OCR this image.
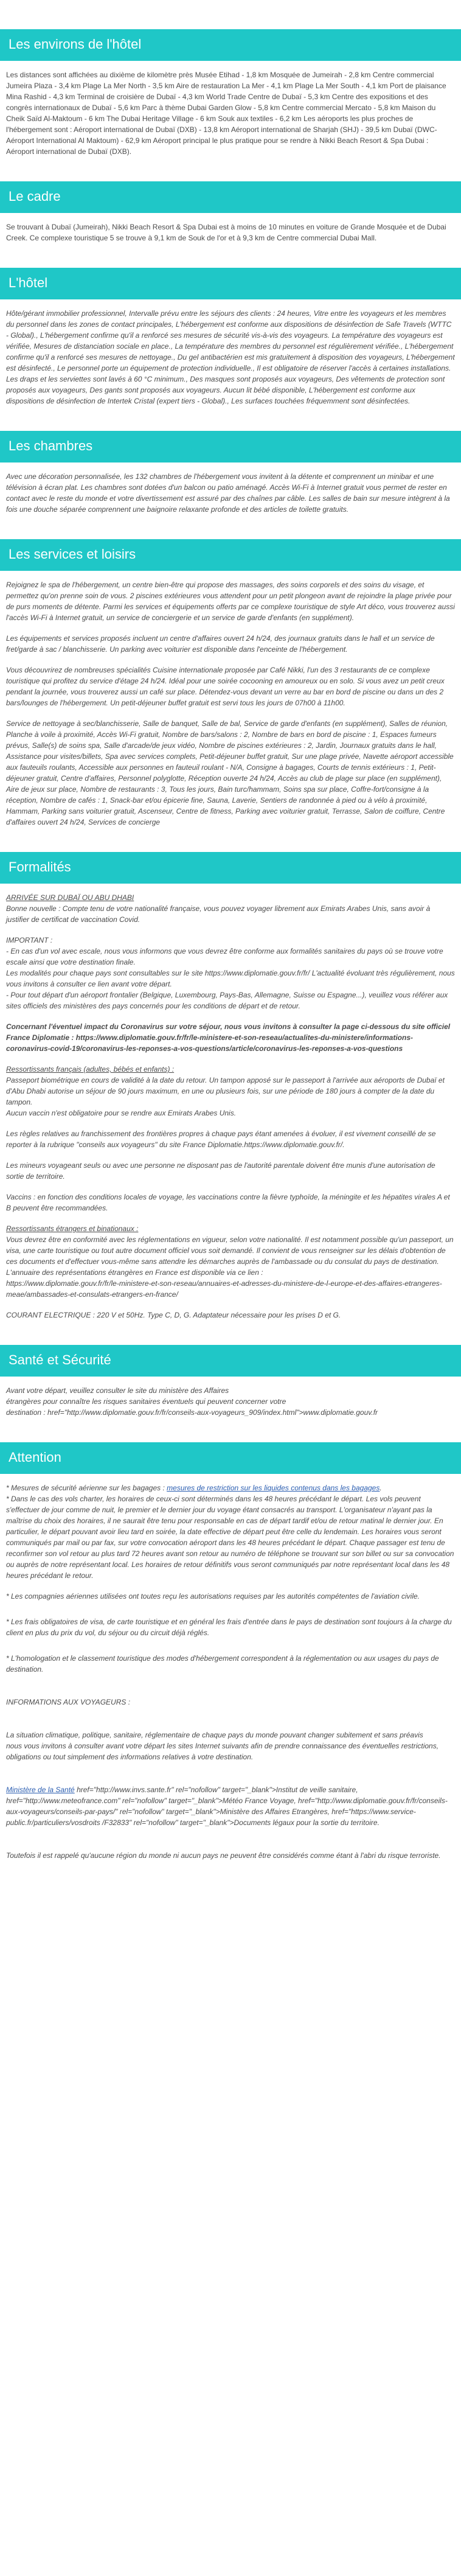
Les environs de l'hôtel

Les distances sont affichées au dixième de kilomètre près Musée Etihad - 1,8 km Mosquée de Jumeirah - 2,8 km Centre commercial Jumeira Plaza - 3,4 km Plage La Mer North - 3,5 km Aire de restauration La Mer - 4,1 km Plage La Mer South - 4,1 km Port de plaisance Mina Rashid - 4,3 km Terminal de croisière de Dubaï - 4,3 km World Trade Centre de Dubaï - 5,3 km Centre des expositions et des congrès internationaux de Dubaï - 5,6 km Parc à thème Dubai Garden Glow - 5,8 km Centre commercial Mercato - 5,8 km Maison du Cheik Saïd Al-Maktoum - 6 km The Dubai Heritage Village - 6 km Souk aux textiles - 6,2 km Les aéroports les plus proches de l'hébergement sont : Aéroport international de Dubaï (DXB) - 13,8 km Aéroport international de Sharjah (SHJ) - 39,5 km Dubaï (DWC-Aéroport International Al Maktoum) - 62,9 km Aéroport principal le plus pratique pour se rendre à Nikki Beach Resort & Spa Dubai : Aéroport international de Dubaï (DXB).

Le cadre

Se trouvant à Dubaï (Jumeirah), Nikki Beach Resort & Spa Dubai est à moins de 10 minutes en voiture de Grande Mosquée et de Dubai Creek. Ce complexe touristique 5 se trouve à 9,1 km de Souk de l'or et à 9,3 km de Centre commercial Dubai Mall.

L'hôtel

Hôte/gérant immobilier professionnel, Intervalle prévu entre les séjours des clients : 24 heures, Vitre entre les voyageurs et les membres du personnel dans les zones de contact principales, L'hébergement est conforme aux dispositions de désinfection de Safe Travels (WTTC - Global)., L'hébergement confirme qu'il a renforcé ses mesures de sécurité vis-à-vis des voyageurs. La température des voyageurs est vérifiée, Mesures de distanciation sociale en place., La température des membres du personnel est régulièrement vérifiée., L'hébergement confirme qu'il a renforcé ses mesures de nettoyage., Du gel antibactérien est mis gratuitement à disposition des voyageurs, L'hébergement est désinfecté., Le personnel porte un équipement de protection individuelle., Il est obligatoire de réserver l'accès à certaines installations. Les draps et les serviettes sont lavés à 60 °C minimum., Des masques sont proposés aux voyageurs, Des vêtements de protection sont proposés aux voyageurs, Des gants sont proposés aux voyageurs. Aucun lit bébé disponible, L'hébergement est conforme aux dispositions de désinfection de Intertek Cristal (expert tiers - Global)., Les surfaces touchées fréquemment sont désinfectées.

Les chambres

Avec une décoration personnalisée, les 132 chambres de l'hébergement vous invitent à la détente et comprennent un minibar et une télévision à écran plat. Les chambres sont dotées d'un balcon ou patio aménagé. Accès Wi-Fi à Internet gratuit vous permet de rester en contact avec le reste du monde et votre divertissement est assuré par des chaînes par câble. Les salles de bain sur mesure intègrent à la fois une douche séparée comprennent une baignoire relaxante profonde et des articles de toilette gratuits.

Les services et loisirs

Rejoignez le spa de l'hébergement, un centre bien-être qui propose des massages, des soins corporels et des soins du visage, et permettez qu'on prenne soin de vous. 2 piscines extérieures vous attendent pour un petit plongeon avant de rejoindre la plage privée pour de purs moments de détente. Parmi les services et équipements offerts par ce complexe touristique de style Art déco, vous trouverez aussi l'accès Wi-Fi à Internet gratuit, un service de conciergerie et un service de garde d'enfants (en supplément).

Les équipements et services proposés incluent un centre d'affaires ouvert 24 h/24, des journaux gratuits dans le hall et un service de fret/garde à sac / blanchisserie. Un parking avec voiturier est disponible dans l'enceinte de l'hébergement.

Vous découvrirez de nombreuses spécialités Cuisine internationale proposée par Café Nikki, l'un des 3 restaurants de ce complexe touristique qui profitez du service d'étage 24 h/24. Idéal pour une soirée cocooning en amoureux ou en solo. Si vous avez un petit creux pendant la journée, vous trouverez aussi un café sur place. Détendez-vous devant un verre au bar en bord de piscine ou dans un des 2 bars/lounges de l'hébergement. Un petit-déjeuner buffet gratuit est servi tous les jours de 07h00 à 11h00.

Service de nettoyage à sec/blanchisserie, Salle de banquet, Salle de bal, Service de garde d'enfants (en supplément), Salles de réunion, Planche à voile à proximité, Accès Wi-Fi gratuit, Nombre de bars/salons : 2, Nombre de bars en bord de piscine : 1, Espaces fumeurs prévus, Salle(s) de soins spa, Salle d'arcade/de jeux vidéo, Nombre de piscines extérieures : 2, Jardin, Journaux gratuits dans le hall, Assistance pour visites/billets, Spa avec services complets, Petit-déjeuner buffet gratuit, Sur une plage privée, Navette aéroport accessible aux fauteuils roulants, Accessible aux personnes en fauteuil roulant - N/A, Consigne à bagages, Courts de tennis extérieurs : 1, Petit-déjeuner gratuit, Centre d'affaires, Personnel polyglotte, Réception ouverte 24 h/24, Accès au club de plage sur place (en supplément), Aire de jeux sur place, Nombre de restaurants : 3, Tous les jours, Bain turc/hammam, Soins spa sur place, Coffre-fort/consigne à la réception, Nombre de cafés : 1, Snack-bar et/ou épicerie fine, Sauna, Laverie, Sentiers de randonnée à pied ou à vélo à proximité, Hammam, Parking sans voiturier gratuit, Ascenseur, Centre de fitness, Parking avec voiturier gratuit, Terrasse, Salon de coiffure, Centre d'affaires ouvert 24 h/24, Services de concierge

Formalités

ARRIVÉE SUR DUBAÏ OU ABU DHABI

Bonne nouvelle : Compte tenu de votre nationalité française, vous pouvez voyager librement aux Emirats Arabes Unis, sans avoir à justifier de certificat de vaccination Covid.

IMPORTANT :

- En cas d'un vol avec escale, nous vous informons que vous devrez être conforme aux formalités sanitaires du pays où se trouve votre escale ainsi que votre destination finale.

Les modalités pour chaque pays sont consultables sur le site https://www.diplomatie.gouv.fr/fr/ L'actualité évoluant très régulièrement, nous vous invitons à consulter ce lien avant votre départ.

- Pour tout départ d'un aéroport frontalier (Belgique, Luxembourg, Pays-Bas, Allemagne, Suisse ou Espagne...), veuillez vous référer aux sites officiels des ministères des pays concernés pour les conditions de départ et de retour.

Concernant l'éventuel impact du Coronavirus sur votre séjour, nous vous invitons à consulter la page ci-dessous du site officiel France Diplomatie : https://www.diplomatie.gouv.fr/fr/le-ministere-et-son-reseau/actualites-du-ministere/informations-coronavirus-covid-19/coronavirus-les-reponses-a-vos-questions/article/coronavirus-les-reponses-a-vos-questions

Ressortissants français (adultes, bébés et enfants) :

Passeport biométrique en cours de validité à la date du retour. Un tampon apposé sur le passeport à l'arrivée aux aéroports de Dubaï et d'Abu Dhabi autorise un séjour de 90 jours maximum, en une ou plusieurs fois, sur une période de 180 jours à compter de la date du tampon.

Aucun vaccin n'est obligatoire pour se rendre aux Emirats Arabes Unis.

Les règles relatives au franchissement des frontières propres à chaque pays étant amenées à évoluer, il est vivement conseillé de se reporter à la rubrique "conseils aux voyageurs" du site France Diplomatie.https://www.diplomatie.gouv.fr/.

Les mineurs voyageant seuls ou avec une personne ne disposant pas de l'autorité parentale doivent être munis d'une autorisation de sortie de territoire.

Vaccins : en fonction des conditions locales de voyage, les vaccinations contre la fièvre typhoïde, la méningite et les hépatites virales A et B peuvent être recommandées.

Ressortissants étrangers et binationaux :

Vous devrez être en conformité avec les réglementations en vigueur, selon votre nationalité. Il est notamment possible qu'un passeport, un visa, une carte touristique ou tout autre document officiel vous soit demandé. Il convient de vous renseigner sur les délais d'obtention de ces documents et d'effectuer vous-même sans attendre les démarches auprès de l'ambassade ou du consulat du pays de destination.

L'annuaire des représentations étrangères en France est disponible via ce lien :

https://www.diplomatie.gouv.fr/fr/le-ministere-et-son-reseau/annuaires-et-adresses-du-ministere-de-l-europe-et-des-affaires-etrangeres-meae/ambassades-et-consulats-etrangers-en-france/

COURANT ELECTRIQUE : 220 V et 50Hz. Type C, D, G. Adaptateur nécessaire pour les prises D et G.

Santé et Sécurité

Avant votre départ, veuillez consulter le site du ministère des Affaires

étrangères pour connaître les risques sanitaires éventuels qui peuvent concerner votre

destination : href="http://www.diplomatie.gouv.fr/fr/conseils-aux-voyageurs_909/index.html">www.diplomatie.gouv.fr

Attention

* Mesures de sécurité aérienne sur les bagages : mesures de restriction sur les liquides contenus dans les bagages.

* Dans le cas des vols charter, les horaires de ceux-ci sont déterminés dans les 48 heures précédant le départ. Les vols peuvent s'effectuer de jour comme de nuit, le premier et le dernier jour du voyage étant consacrés au transport. L'organisateur n'ayant pas la maîtrise du choix des horaires, il ne saurait être tenu pour responsable en cas de départ tardif et/ou de retour matinal le dernier jour. En particulier, le départ pouvant avoir lieu tard en soirée, la date effective de départ peut être celle du lendemain. Les horaires vous seront communiqués par mail ou par fax, sur votre convocation aéroport dans les 48 heures précédant le départ. Chaque passager est tenu de reconfirmer son vol retour au plus tard 72 heures avant son retour au numéro de téléphone se trouvant sur son billet ou sur sa convocation ou auprès de notre représentant local. Les horaires de retour définitifs vous seront communiqués par notre représentant local dans les 48 heures précédant le retour.

* Les compagnies aériennes utilisées ont toutes reçu les autorisations requises par les autorités compétentes de l'aviation civile.

* Les frais obligatoires de visa, de carte touristique et en général les frais d'entrée dans le pays de destination sont toujours à la charge du client en plus du prix du vol, du séjour ou du circuit déjà réglés.

* L'homologation et le classement touristique des modes d'hébergement correspondent à la réglementation ou aux usages du pays de destination.

INFORMATIONS AUX VOYAGEURS :

La situation climatique, politique, sanitaire, réglementaire de chaque pays du monde pouvant changer subitement et sans préavis

nous vous invitons à consulter avant votre départ les sites Internet suivants afin de prendre connaissance des éventuelles restrictions, obligations ou tout simplement des informations relatives à votre destination.

Ministère de la Santé href="http://www.invs.sante.fr" rel="nofollow" target="_blank">Institut de veille sanitaire, href="http://www.meteofrance.com" rel="nofollow" target="_blank">Météo France Voyage, href="http://www.diplomatie.gouv.fr/fr/conseils-aux-voyageurs/conseils-par-pays/" rel="nofollow" target="_blank">Ministère des Affaires Etrangères, href="https://www.service-public.fr/particuliers/vosdroits /F32833" rel="nofollow" target="_blank">Documents légaux pour la sortie du territoire.

Toutefois il est rappelé qu'aucune région du monde ni aucun pays ne peuvent être considérés comme étant à l'abri du risque terroriste.
